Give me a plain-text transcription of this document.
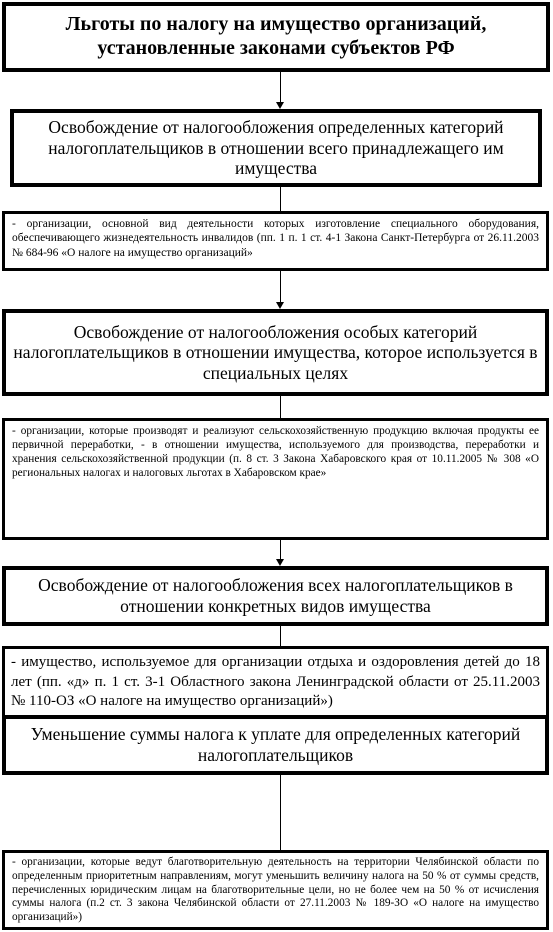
Льготы по налогу на имущество организаций, установленные законами субъектов РФ
Освобождение от налогообложения определенных категорий налогоплательщиков в отношении всего принадлежащего им имущества
- организации, основной вид деятельности которых изготовление специального оборудования, обеспечивающего жизнедеятельность инвалидов (пп. 1 п. 1 ст. 4-1 Закона Санкт-Петербурга от 26.11.2003 № 684-96 «О налоге на имущество организаций»
Освобождение от налогообложения особых категорий налогоплательщиков в отношении имущества, которое используется в специальных целях
- организации, которые производят и реализуют сельскохозяйственную продукцию включая продукты ее первичной переработки, - в отношении имущества, используемого для производства, переработки и хранения сельскохозяйственной продукции (п. 8 ст. 3 Закона Хабаровского края от 10.11.2005 № 308 «О региональных налогах и налоговых льготах в Хабаровском крае»
Освобождение от налогообложения всех налогоплательщиков в отношении конкретных видов имущества
- имущество, используемое для организации отдыха и оздоровления детей до 18 лет (пп. «д» п. 1 ст. 3-1 Областного закона Ленинградской области от 25.11.2003 № 110-ОЗ «О налоге на имущество организаций»)
Уменьшение суммы налога к уплате для определенных категорий налогоплательщиков
- организации, которые ведут благотворительную деятельность на территории Челябинской области по определенным приоритетным направлениям, могут уменьшить величину налога на 50 % от суммы средств, перечисленных юридическим лицам на благотворительные цели, но не более чем на 50 % от исчисления суммы налога (п.2 ст. 3 закона Челябинской области от 27.11.2003 № 189-ЗО «О налоге на имущество организаций»)
